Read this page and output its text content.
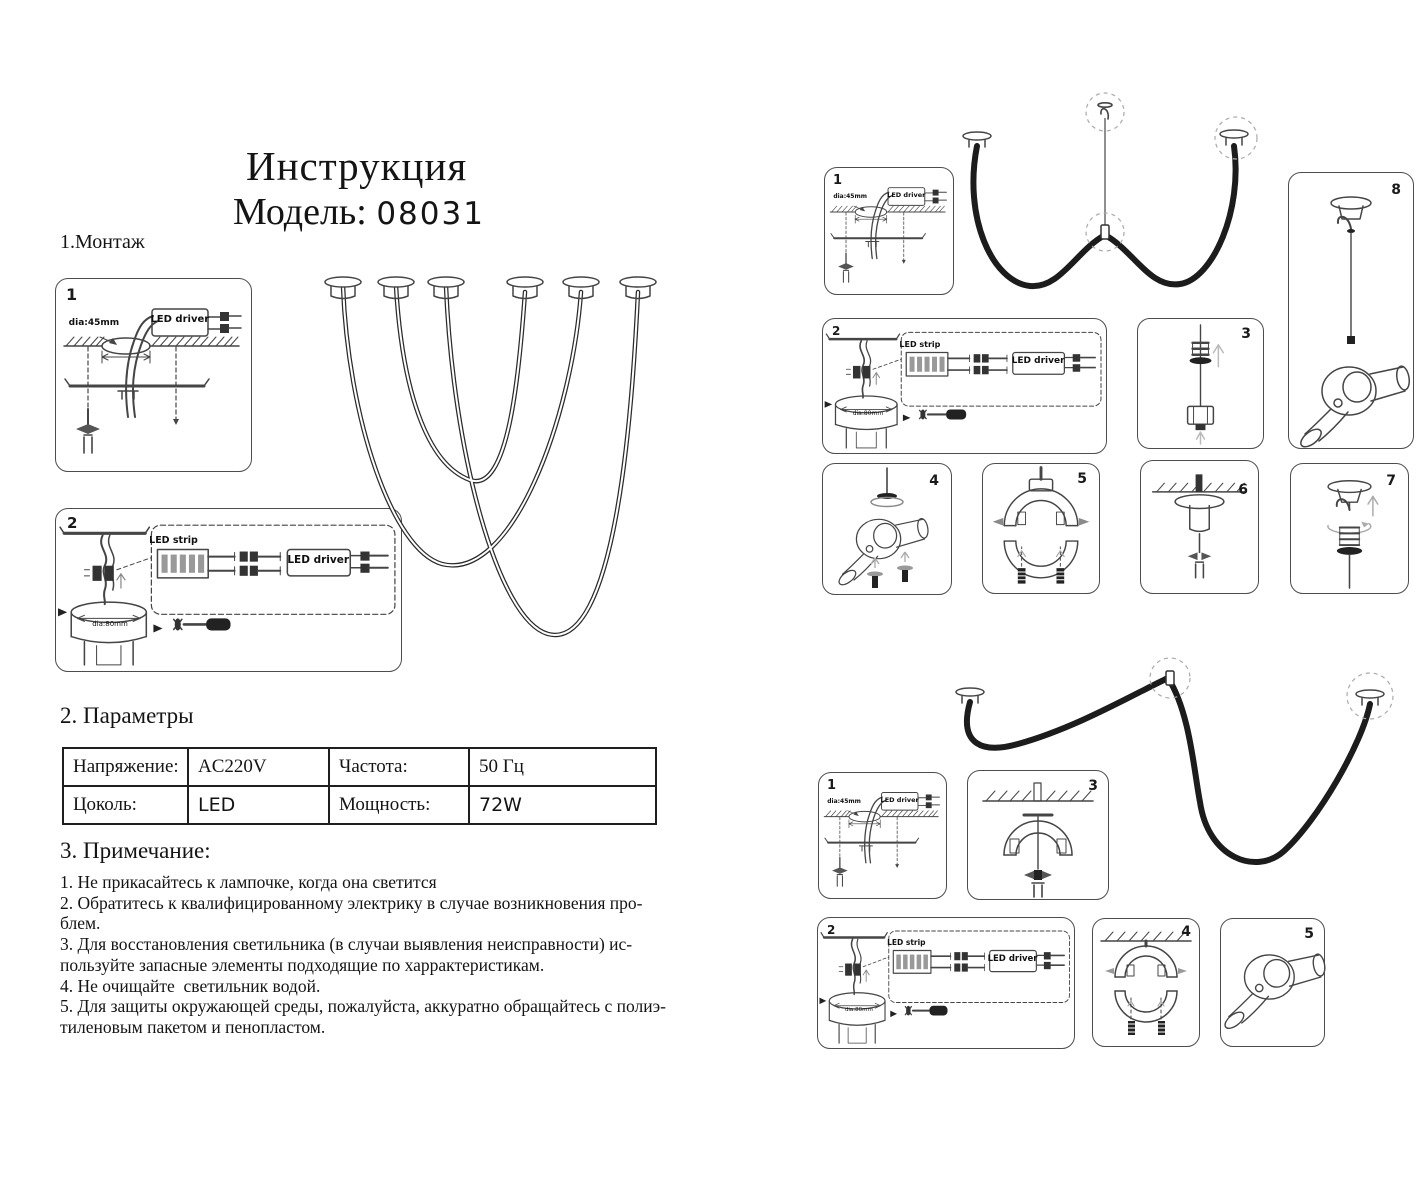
Инструкция
Модель: 08031
1.Монтаж
1
dia:45mm	LED driver
2
LED strip
LED driver
dia:80mm
2. Параметры
Напряжение:	AC220V	Частота:	50 Гц
Цоколь:	LED	Мощность:	72W
3. Примечание:
1. Не прикасайтесь к лампочке, когда она светится
2. Обратитесь к квалифицированному электрику в случае возникновения про-
блем.
3. Для восстановления светильника (в случаи выявления неисправности) ис-
пользуйте запасные элементы подходящие по харрактеристикам.
4. Не очищайте  светильник водой.
5. Для защиты окружающей среды, пожалуйста, аккуратно обращайтесь с полиэ-
тиленовым пакетом и пенопластом.
1
dia:45mm	LED driver
2
LED strip
LED driver
dia:80mm
3
8
4	5
6
7
1
dia:45mm	LED driver
3
2
LED strip
LED driver
dia:80mm
4	5
